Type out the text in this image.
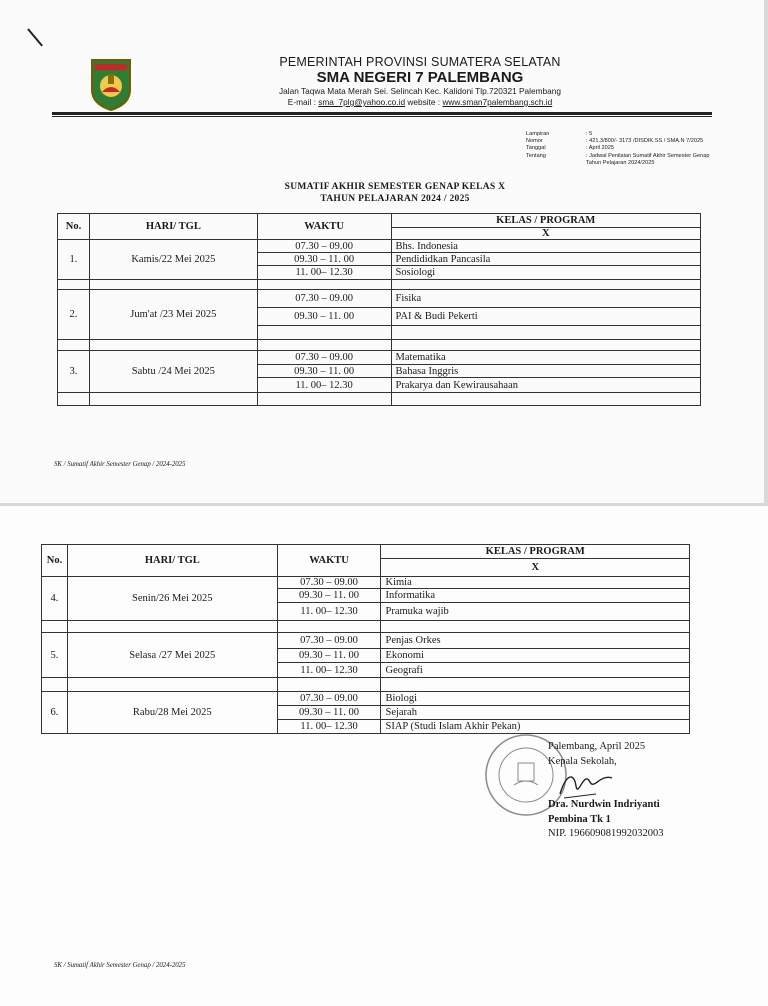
PEMERINTAH PROVINSI SUMATERA SELATAN
SMA NEGERI 7 PALEMBANG
Jalan Taqwa Mata Merah Sei. Selincah Kec. Kalidoni Tlp.720321 Palembang
E-mail : sma_7plg@yahoo.co.id website : www.sman7palembang.sch.id
Lampiran	: 5
Nomor	: 421.3/800/- 3173 /DISDIK.SS / SMA.N 7/2025
Tanggal	: April 2025
Tentang	: Jadwal Penilaian Sumatif Akhir Semester Genap
Tahun Pelajaran 2024/2025
SUMATIF AKHIR SEMESTER GENAP KELAS X
TAHUN PELAJARAN 2024 / 2025
No.	HARI/ TGL	WAKTU	KELAS / PROGRAM
			X
1.	Kamis/22 Mei 2025	07.30 – 09.00	Bhs. Indonesia
		09.30 – 11. 00	Pendididkan Pancasila
		11. 00– 12.30	Sosiologi

2.	Jum'at /23 Mei 2025	07.30 – 09.00	Fisika
		09.30 – 11. 00	PAI & Budi Pekerti

3.	Sabtu /24 Mei 2025	07.30 – 09.00	Matematika
		09.30 – 11. 00	Bahasa Inggris
		11. 00– 12.30	Prakarya dan Kewirausahaan

SK / Sumatif Akhir Semester Genap / 2024-2025
No.	HARI/ TGL	WAKTU	KELAS / PROGRAM
			X
4.	Senin/26 Mei 2025	07.30 – 09.00	Kimia
		09.30 – 11. 00	Informatika
		11. 00– 12.30	Pramuka wajib

5.	Selasa /27 Mei 2025	07.30 – 09.00	Penjas Orkes
		09.30 – 11. 00	Ekonomi
		11. 00– 12.30	Geografi

6.	Rabu/28 Mei 2025	07.30 – 09.00	Biologi
		09.30 – 11. 00	Sejarah
		11. 00– 12.30	SIAP (Studi Islam Akhir Pekan)
Palembang, April 2025
Kepala Sekolah,
Dra. Nurdwin Indriyanti
Pembina Tk 1
NIP. 196609081992032003
SK / Sumatif Akhir Semester Genap / 2024-2025
